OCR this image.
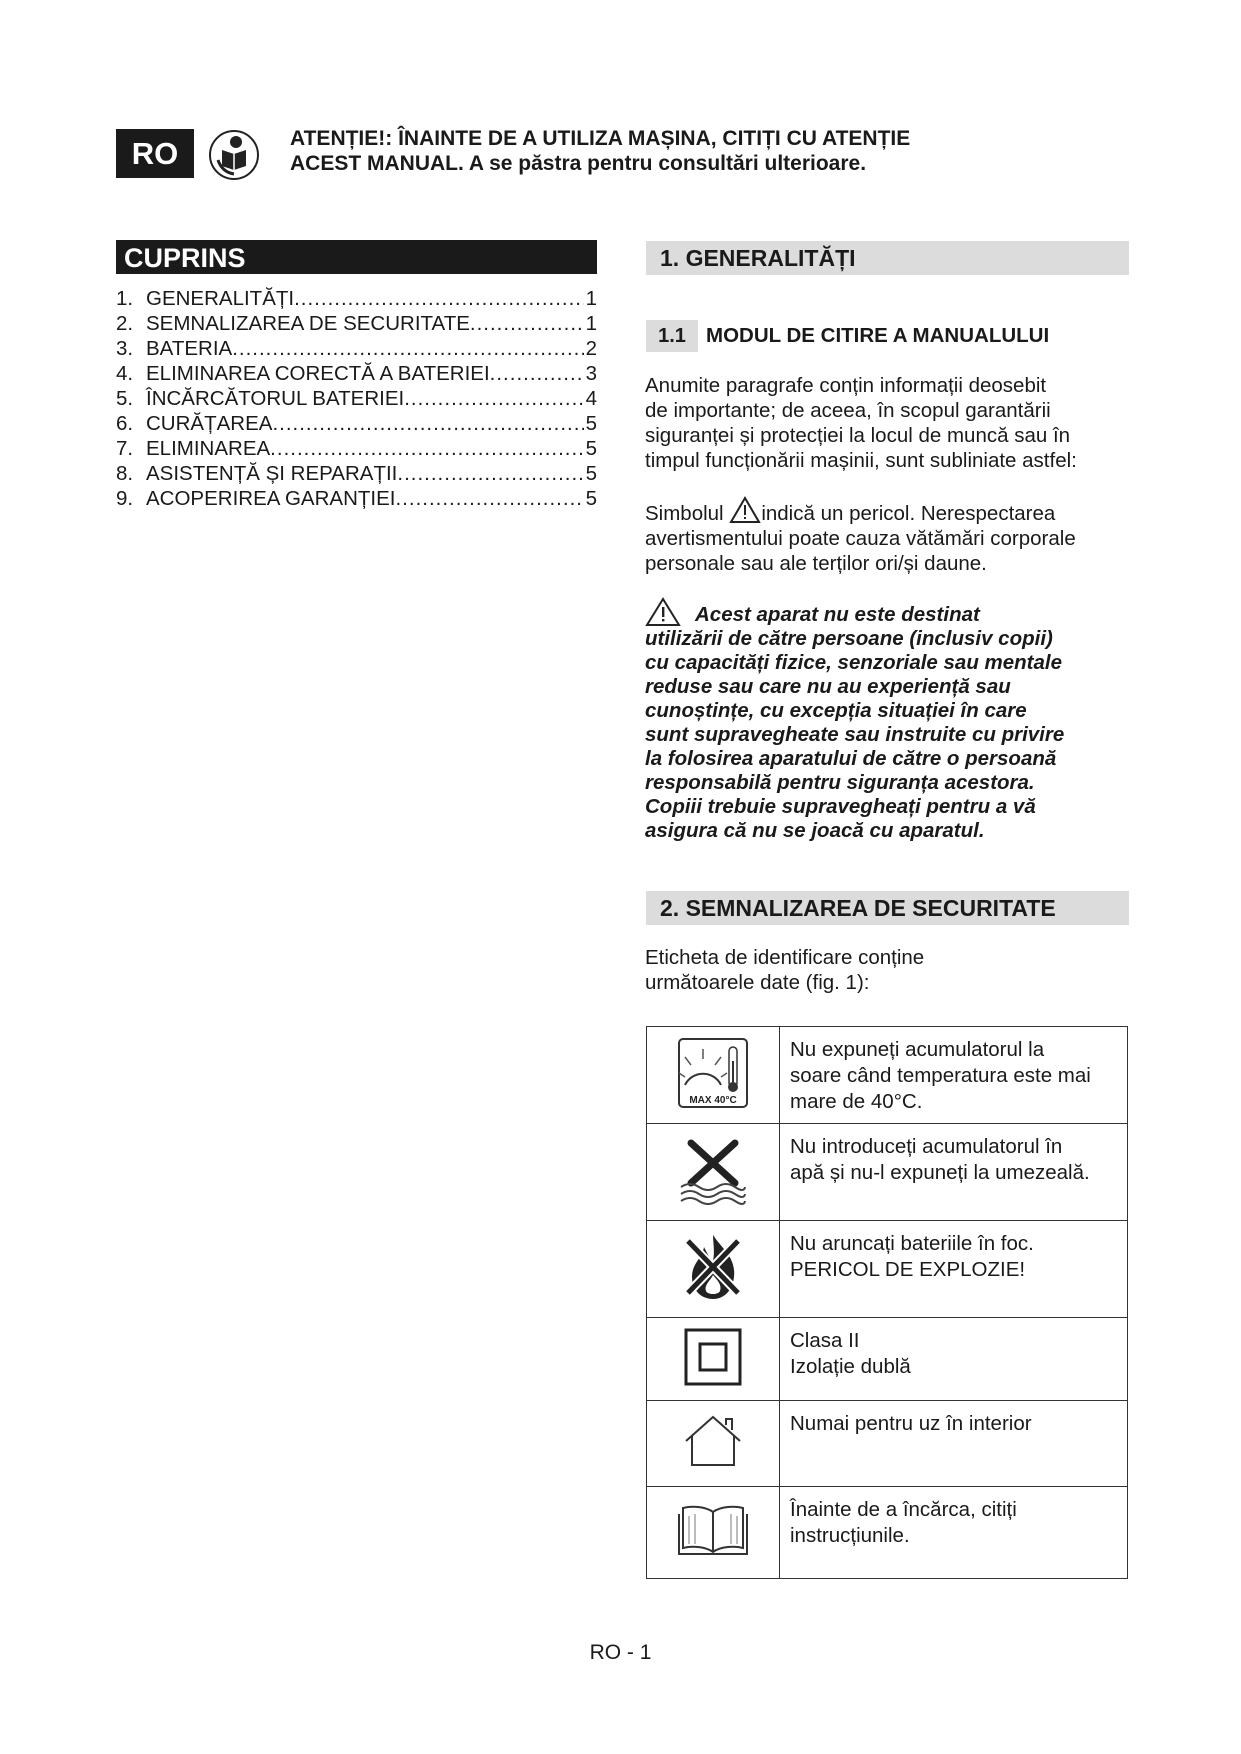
RO	ATENȚIE!: ÎNAINTE DE A UTILIZA MAȘINA, CITIȚI CU ATENȚIE
ACEST MANUAL. A se păstra pentru consultări ulterioare.
CUPRINS
1. GENERALITĂȚI .....	1
2. SEMNALIZAREA DE SECURITATE .....	1
3. BATERIA .....	2
4. ELIMINAREA CORECTĂ A BATERIEI .....	3
5. ÎNCĂRCĂTORUL BATERIEI .....	4
6. CURĂȚAREA .....	5
7. ELIMINAREA .....	5
8. ASISTENȚĂ ȘI REPARAȚII .....	5
9. ACOPERIREA GARANȚIEI .....	5
1. GENERALITĂȚI
1.1 MODUL DE CITIRE A MANUALULUI
Anumite paragrafe conțin informații deosebit
de importante; de aceea, în scopul garantării
siguranței și protecției la locul de muncă sau în
timpul funcționării mașinii, sunt subliniate astfel:
Simbolul indică un pericol. Nerespectarea
avertismentului poate cauza vătămări corporale
personale sau ale terților ori/și daune.
Acest aparat nu este destinat
utilizării de către persoane (inclusiv copii)
cu capacități fizice, senzoriale sau mentale
reduse sau care nu au experiență sau
cunoștințe, cu excepția situației în care
sunt supravegheate sau instruite cu privire
la folosirea aparatului de către o persoană
responsabilă pentru siguranța acestora.
Copiii trebuie supravegheați pentru a vă
asigura că nu se joacă cu aparatul.
2. SEMNALIZAREA DE SECURITATE
Eticheta de identificare conține
următoarele date (fig. 1):
MAX 40°C	Nu expuneți acumulatorul la
soare când temperatura este mai
mare de 40°C.

Nu introduceți acumulatorul în
apă și nu-l expuneți la umezeală.

Nu aruncați bateriile în foc.
PERICOL DE EXPLOZIE!

Clasa II
Izolație dublă

Numai pentru uz în interior

Înainte de a încărca, citiți
instrucțiunile.
RO - 1
